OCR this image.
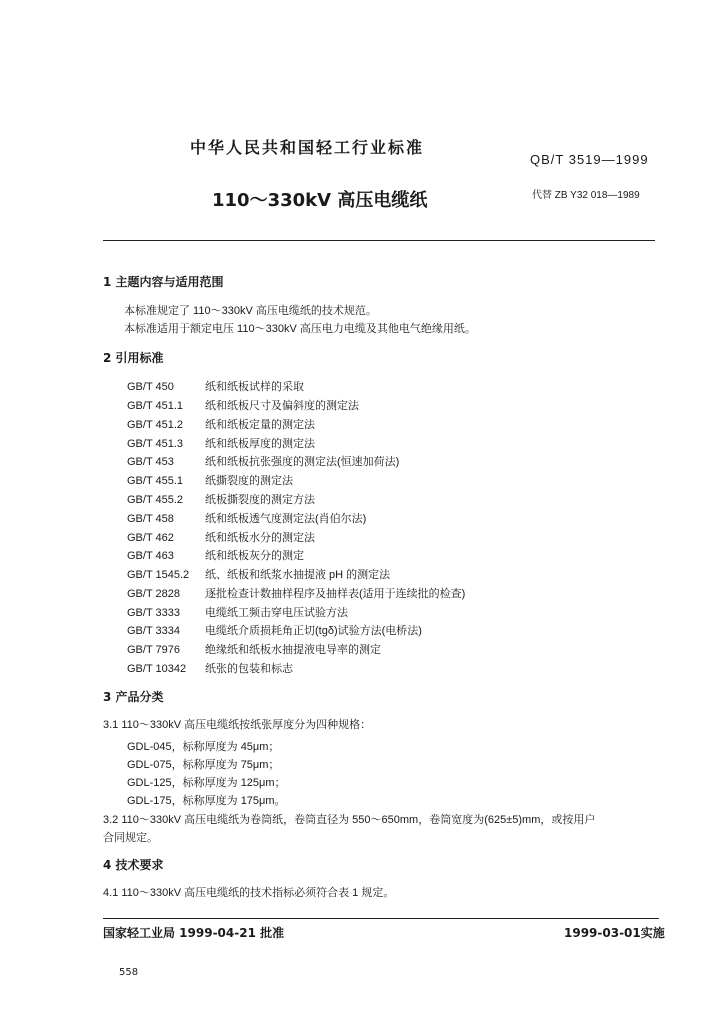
中华人民共和国轻工行业标准
QB/T 3519—1999
110～330kV 高压电缆纸	代替 ZB Y32 018—1989
1 主题内容与适用范围
本标准规定了 110～330kV 高压电缆纸的技术规范。
本标准适用于额定电压 110～330kV 高压电力电缆及其他电气绝缘用纸。
2 引用标准
GB/T 450	纸和纸板试样的采取
GB/T 451.1 纸和纸板尺寸及偏斜度的测定法
GB/T 451.2 纸和纸板定量的测定法
GB/T 451.3 纸和纸板厚度的测定法
GB/T 453	纸和纸板抗张强度的测定法(恒速加荷法)
GB/T 455.1 纸撕裂度的测定法
GB/T 455.2 纸板撕裂度的测定方法
GB/T 458	纸和纸板透气度测定法(肖伯尔法)
GB/T 462	纸和纸板水分的测定法
GB/T 463	纸和纸板灰分的测定
GB/T 1545.2 纸、纸板和纸浆水抽提液 pH 的测定法
GB/T 2828 逐批检查计数抽样程序及抽样表(适用于连续批的检查)
GB/T 3333 电缆纸工频击穿电压试验方法
GB/T 3334 电缆纸介质损耗角正切(tgδ)试验方法(电桥法)
GB/T 7976 绝缘纸和纸板水抽提液电导率的测定
GB/T 10342 纸张的包装和标志
3 产品分类
3.1 110～330kV 高压电缆纸按纸张厚度分为四种规格：
GDL-045，标称厚度为 45μm；
GDL-075，标称厚度为 75μm；
GDL-125，标称厚度为 125μm；
GDL-175，标称厚度为 175μm。
3.2 110～330kV 高压电缆纸为卷筒纸，卷筒直径为 550～650mm，卷筒宽度为(625±5)mm，或按用户
合同规定。
4 技术要求
4.1 110～330kV 高压电缆纸的技术指标必须符合表 1 规定。
国家轻工业局 1999-04-21 批准	1999-03-01实施
558
